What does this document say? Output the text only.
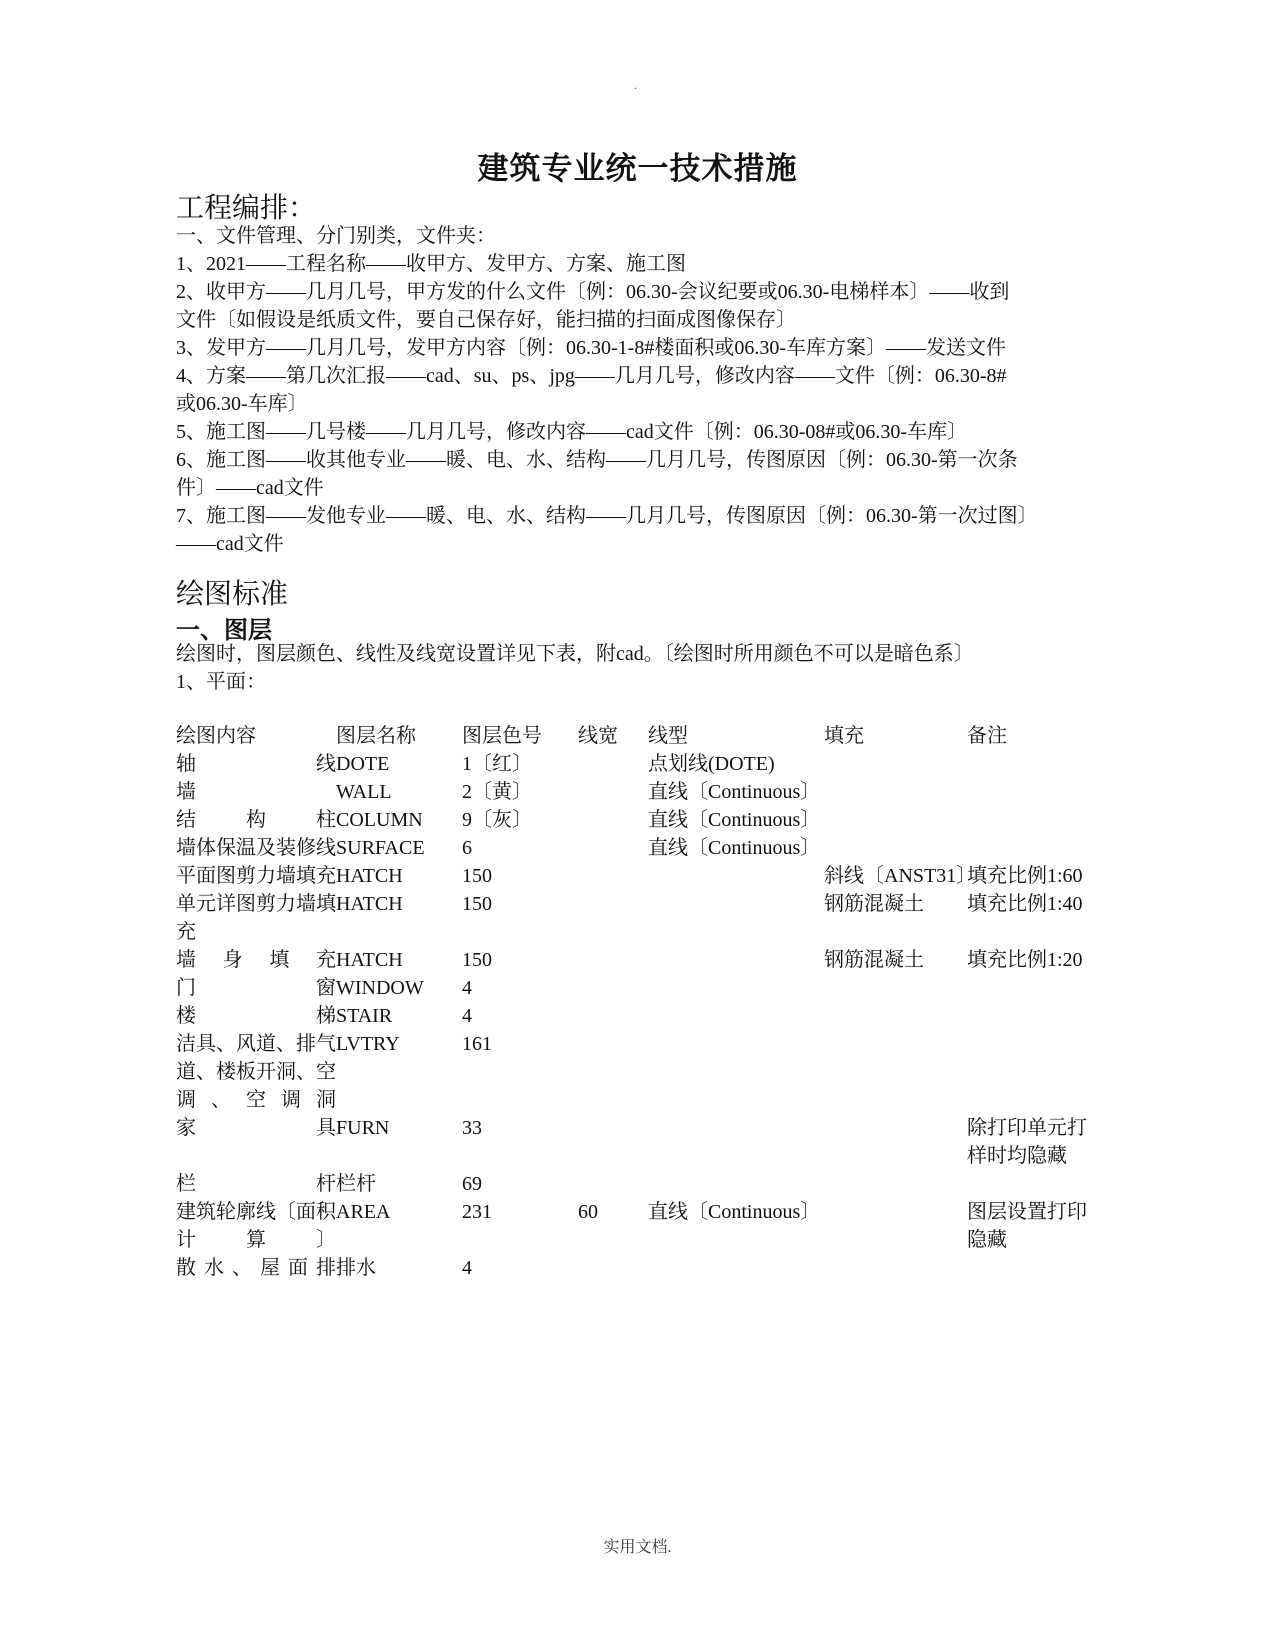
.
建筑专业统一技术措施
工程编排：
一、文件管理、分门别类，文件夹：
1、2021——工程名称——收甲方、发甲方、方案、施工图
2、收甲方——几月几号，甲方发的什么文件〔例：06.30-会议纪要或06.30-电梯样本〕——收到
文件〔如假设是纸质文件，要自己保存好，能扫描的扫面成图像保存〕
3、发甲方——几月几号，发甲方内容〔例：06.30-1-8#楼面积或06.30-车库方案〕——发送文件
4、方案——第几次汇报——cad、su、ps、jpg——几月几号，修改内容——文件〔例：06.30-8#
或06.30-车库〕
5、施工图——几号楼——几月几号，修改内容——cad文件〔例：06.30-08#或06.30-车库〕
6、施工图——收其他专业——暖、电、水、结构——几月几号，传图原因〔例：06.30-第一次条
件〕——cad文件
7、施工图——发他专业——暖、电、水、结构——几月几号，传图原因〔例：06.30-第一次过图〕
——cad文件
绘图标准
一、图层
绘图时，图层颜色、线性及线宽设置详见下表，附cad。〔绘图时所用颜色不可以是暗色系〕
1、平面：
绘图内容	图层名称	图层色号	线宽	线型	填充	备注
轴线	DOTE	1〔红〕		点划线(DOTE)		
墙	WALL	2〔黄〕		直线〔Continuous〕		
结构柱	COLUMN	9〔灰〕		直线〔Continuous〕		
墙体保温及装修线	SURFACE	6		直线〔Continuous〕		
平面图剪力墙填充	HATCH	150			斜线〔ANST31〕	填充比例1:60
单元详图剪力墙填充	HATCH	150			钢筋混凝土	填充比例1:40
墙身填充	HATCH	150			钢筋混凝土	填充比例1:20
门窗	WINDOW	4				
楼梯	STAIR	4				
洁具、风道、排气道、楼板开洞、空调、空调洞	LVTRY	161				
家具	FURN	33				除打印单元打样时均隐藏
栏杆	栏杆	69				
建筑轮廓线〔面积计算〕	AREA	231	60	直线〔Continuous〕		图层设置打印隐藏
散水、屋面排	排水	4				
实用文档.
